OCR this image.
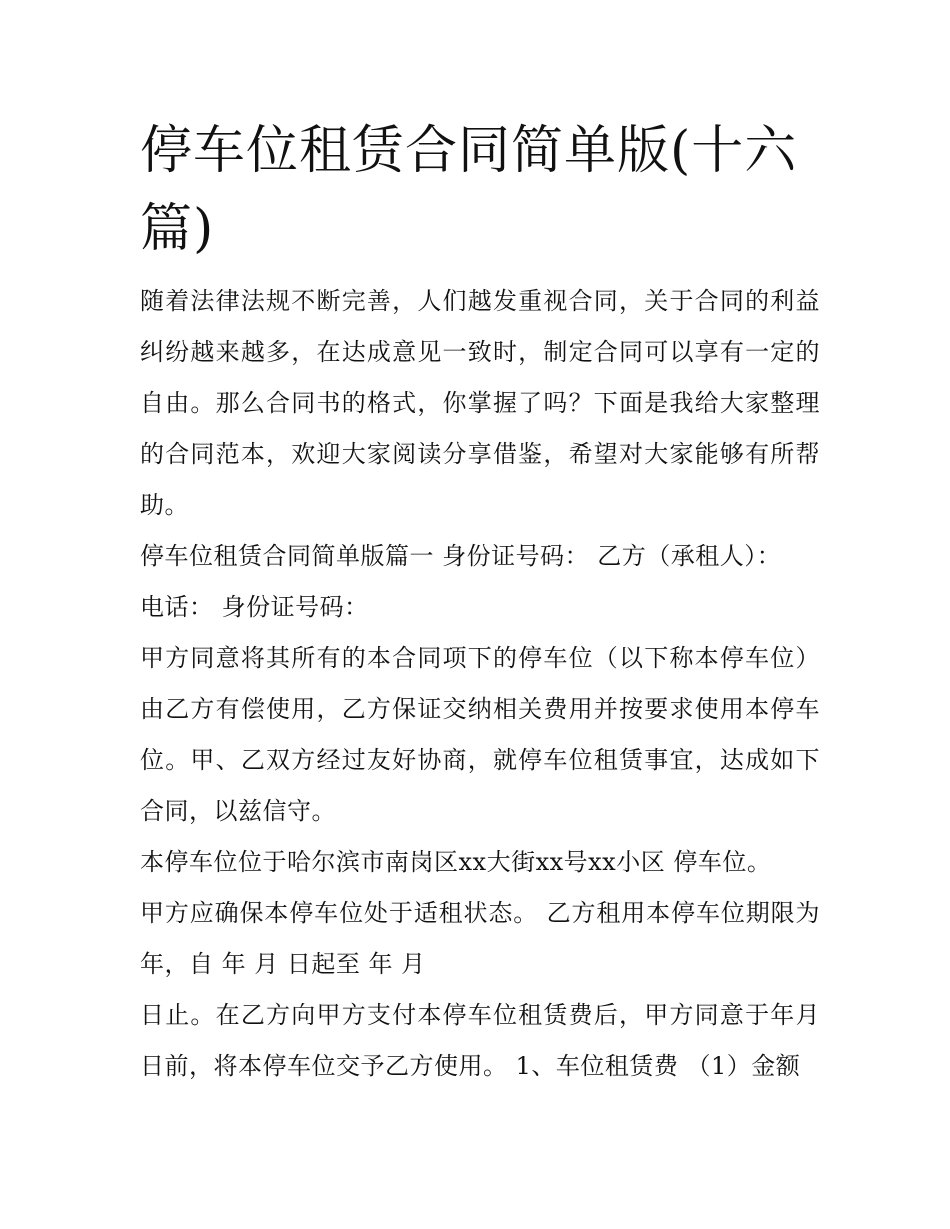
停车位租赁合同简单版(十六篇)

随着法律法规不断完善，人们越发重视合同，关于合同的利益纠纷越来越多，在达成意见一致时，制定合同可以享有一定的自由。那么合同书的格式，你掌握了吗？下面是我给大家整理的合同范本，欢迎大家阅读分享借鉴，希望对大家能够有所帮助。

停车位租赁合同简单版篇一 身份证号码： 乙方（承租人）：

电话： 身份证号码：

甲方同意将其所有的本合同项下的停车位（以下称本停车位）由乙方有偿使用，乙方保证交纳相关费用并按要求使用本停车位。甲、乙双方经过友好协商，就停车位租赁事宜，达成如下合同，以兹信守。

本停车位位于哈尔滨市南岗区xx大街xx号xx小区 停车位。

甲方应确保本停车位处于适租状态。 乙方租用本停车位期限为 年，自 年 月 日起至 年 月

日止。在乙方向甲方支付本停车位租赁费后，甲方同意于年月日前，将本停车位交予乙方使用。 1、车位租赁费 （1）金额
